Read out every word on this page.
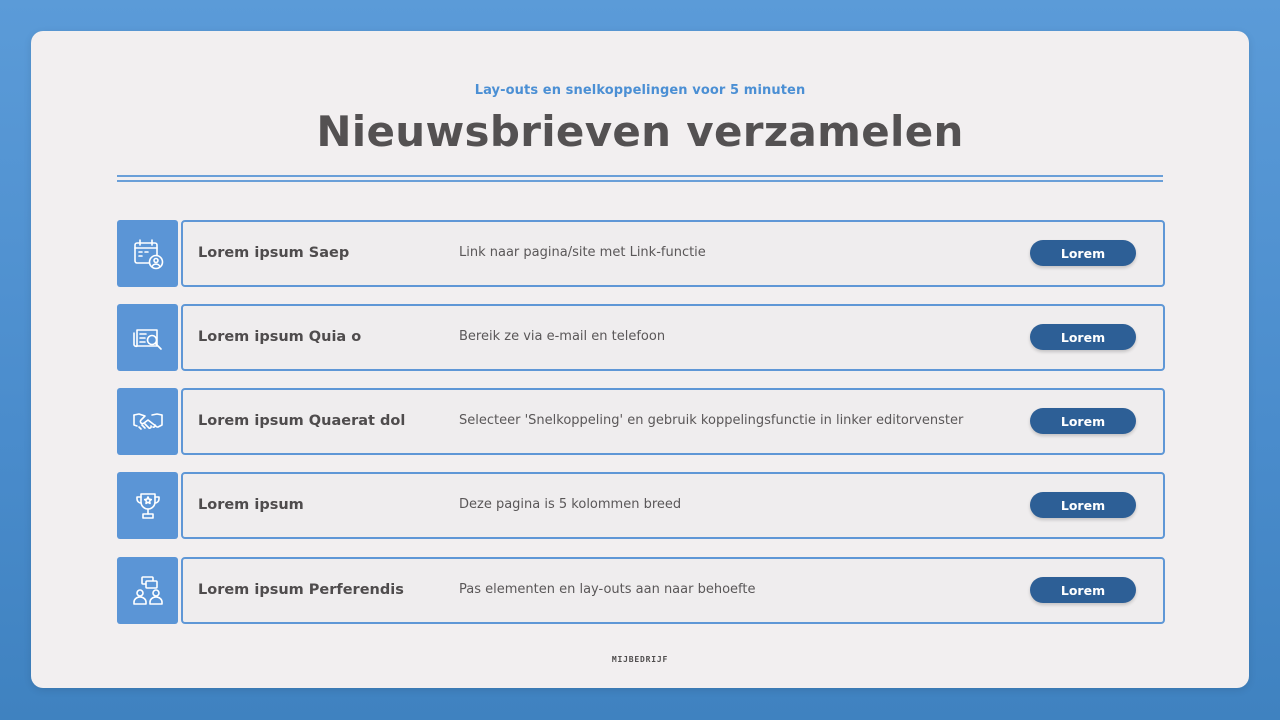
Lay-outs en snelkoppelingen voor 5 minuten
Nieuwsbrieven verzamelen
Lorem ipsum Saep	Link naar pagina/site met Link-functie	Lorem
Lorem ipsum Quia o	Bereik ze via e-mail en telefoon	Lorem
Lorem ipsum Quaerat dol	Selecteer 'Snelkoppeling' en gebruik koppelingsfunctie in linker editorvenster	Lorem
Lorem ipsum	Deze pagina is 5 kolommen breed	Lorem
Lorem ipsum Perferendis	Pas elementen en lay-outs aan naar behoefte	Lorem
MIJBEDRIJF
